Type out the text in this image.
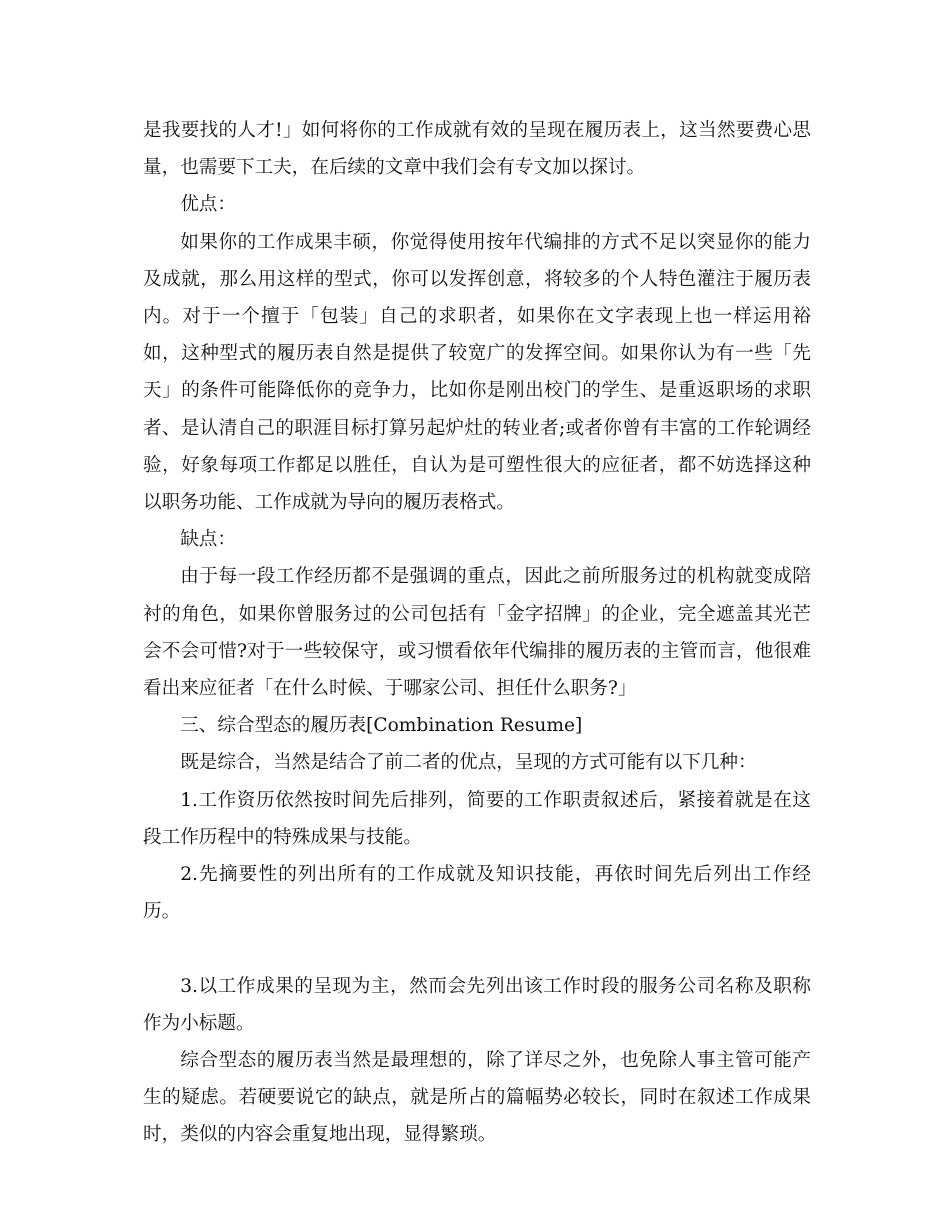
是我要找的人才!」如何将你的工作成就有效的呈现在履历表上，这当然要费心思量，也需要下工夫，在后续的文章中我们会有专文加以探讨。

优点：

如果你的工作成果丰硕，你觉得使用按年代编排的方式不足以突显你的能力及成就，那么用这样的型式，你可以发挥创意，将较多的个人特色灌注于履历表内。对于一个擅于「包装」自己的求职者，如果你在文字表现上也一样运用裕如，这种型式的履历表自然是提供了较宽广的发挥空间。如果你认为有一些「先天」的条件可能降低你的竞争力，比如你是刚出校门的学生、是重返职场的求职者、是认清自己的职涯目标打算另起炉灶的转业者;或者你曾有丰富的工作轮调经验，好象每项工作都足以胜任，自认为是可塑性很大的应征者，都不妨选择这种以职务功能、工作成就为导向的履历表格式。

缺点：

由于每一段工作经历都不是强调的重点，因此之前所服务过的机构就变成陪衬的角色，如果你曾服务过的公司包括有「金字招牌」的企业，完全遮盖其光芒会不会可惜?对于一些较保守，或习惯看依年代编排的履历表的主管而言，他很难看出来应征者「在什么时候、于哪家公司、担任什么职务?」

三、综合型态的履历表[Combination Resume]

既是综合，当然是结合了前二者的优点，呈现的方式可能有以下几种：

1.工作资历依然按时间先后排列，简要的工作职责叙述后，紧接着就是在这段工作历程中的特殊成果与技能。

2.先摘要性的列出所有的工作成就及知识技能，再依时间先后列出工作经历。

3.以工作成果的呈现为主，然而会先列出该工作时段的服务公司名称及职称作为小标题。

综合型态的履历表当然是最理想的，除了详尽之外，也免除人事主管可能产生的疑虑。若硬要说它的缺点，就是所占的篇幅势必较长，同时在叙述工作成果时，类似的内容会重复地出现，显得繁琐。
